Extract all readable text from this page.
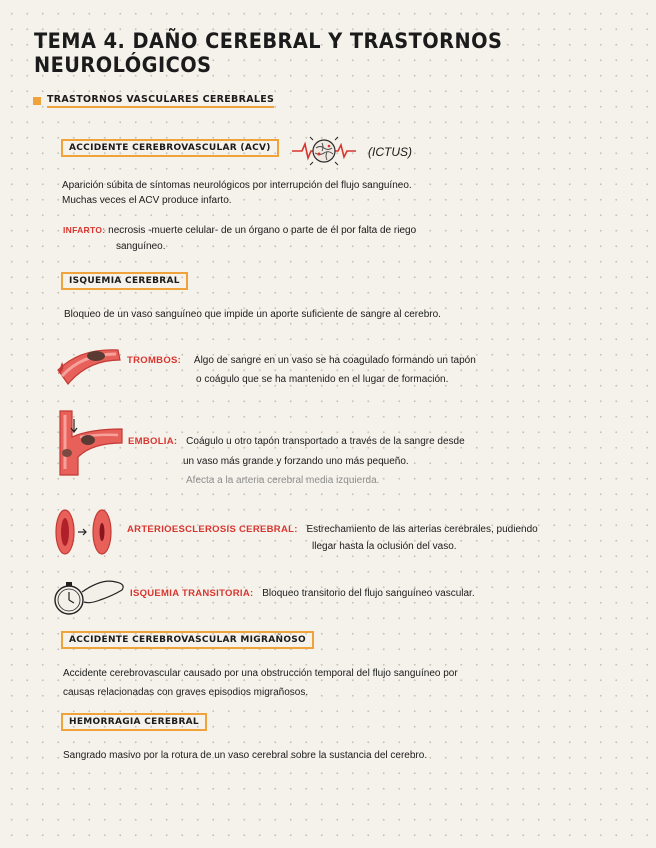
TEMA 4. DAÑO CEREBRAL Y TRASTORNOS NEUROLÓGICOS
TRASTORNOS VASCULARES CEREBRALES
ACCIDENTE CEREBROVASCULAR (ACV)	(ICTUS)
Aparición súbita de síntomas neurológicos por interrupción del flujo sanguíneo.
Muchas veces el ACV produce infarto.
INFARTO: necrosis -muerte celular- de un órgano o parte de él por falta de riego
sanguíneo.
ISQUEMIA CEREBRAL
Bloqueo de un vaso sanguíneo que impide un aporte suficiente de sangre al cerebro.
TROMBOS: Algo de sangre en un vaso se ha coagulado formando un tapón
o coágulo que se ha mantenido en el lugar de formación.
EMBOLIA: Coágulo u otro tapón transportado a través de la sangre desde
un vaso más grande y forzando uno más pequeño.
Afecta a la arteria cerebral media izquierda.
ARTERIOESCLEROSIS CEREBRAL: Estrechamiento de las arterias cerebrales, pudiendo
llegar hasta la oclusión del vaso.
ISQUEMIA TRANSITORIA: Bloqueo transitorio del flujo sanguíneo vascular.
ACCIDENTE CEREBROVASCULAR MIGRAÑOSO
Accidente cerebrovascular causado por una obstrucción temporal del flujo sanguíneo por
causas relacionadas con graves episodios migrañosos.
HEMORRAGIA CEREBRAL
Sangrado masivo por la rotura de un vaso cerebral sobre la sustancia del cerebro.
